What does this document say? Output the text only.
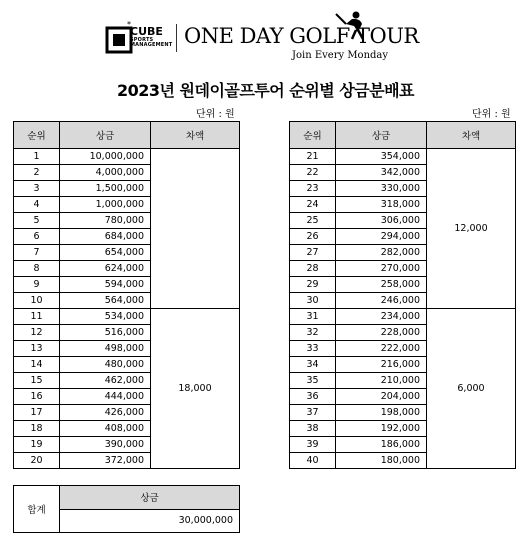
*
CUBE
SPORTS
MANAGEMENT ONE DAY GOLF TOUR
Join Every Monday
2023년 원데이골프투어 순위별 상금분배표
단위 : 원	단위 : 원
순위	상금	차액
1	10,000,000	
2	4,000,000	
3	1,500,000	
4	1,000,000	
5	780,000	
6	684,000	
7	654,000	
8	624,000	
9	594,000	
10	564,000	
11	534,000	18,000
12	516,000	
13	498,000	
14	480,000	
15	462,000	
16	444,000	
17	426,000	
18	408,000	
19	390,000	
20	372,000	
순위	상금	차액
21	354,000	12,000
22	342,000	
23	330,000	
24	318,000	
25	306,000	
26	294,000	
27	282,000	
28	270,000	
29	258,000	
30	246,000	
31	234,000	6,000
32	228,000	
33	222,000	
34	216,000	
35	210,000	
36	204,000	
37	198,000	
38	192,000	
39	186,000	
40	180,000	
합계	상금
30,000,000
